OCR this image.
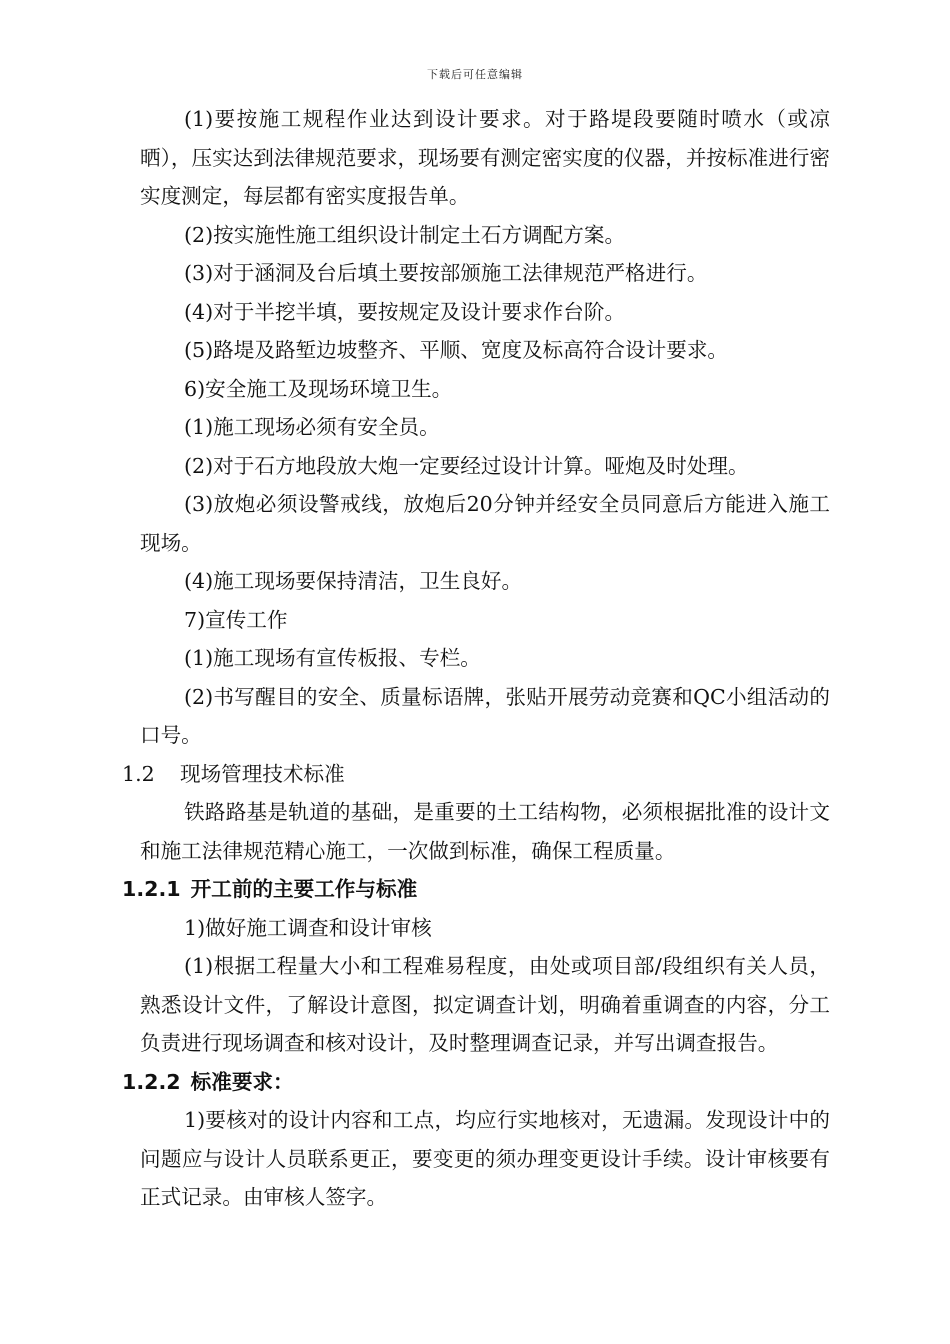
下载后可任意编辑

(1)要按施工规程作业达到设计要求。对于路堤段要随时喷水（或凉晒），压实达到法律规范要求，现场要有测定密实度的仪器，并按标准进行密实度测定，每层都有密实度报告单。

(2)按实施性施工组织设计制定土石方调配方案。

(3)对于涵洞及台后填土要按部颁施工法律规范严格进行。

(4)对于半挖半填，要按规定及设计要求作台阶。

(5)路堤及路堑边坡整齐、平顺、宽度及标高符合设计要求。

6)安全施工及现场环境卫生。

(1)施工现场必须有安全员。

(2)对于石方地段放大炮一定要经过设计计算。哑炮及时处理。

(3)放炮必须设警戒线，放炮后20分钟并经安全员同意后方能进入施工现场。

(4)施工现场要保持清洁，卫生良好。

7)宣传工作

(1)施工现场有宣传板报、专栏。

(2)书写醒目的安全、质量标语牌，张贴开展劳动竞赛和QC小组活动的口号。

1.2 现场管理技术标准

铁路路基是轨道的基础，是重要的土工结构物，必须根据批准的设计文和施工法律规范精心施工，一次做到标准，确保工程质量。

1.2.1 开工前的主要工作与标准

1)做好施工调查和设计审核

(1)根据工程量大小和工程难易程度，由处或项目部/段组织有关人员，熟悉设计文件，了解设计意图，拟定调查计划，明确着重调查的内容，分工负责进行现场调查和核对设计，及时整理调查记录，并写出调查报告。

1.2.2 标准要求：

1)要核对的设计内容和工点，均应行实地核对，无遗漏。发现设计中的问题应与设计人员联系更正，要变更的须办理变更设计手续。设计审核要有正式记录。由审核人签字。
